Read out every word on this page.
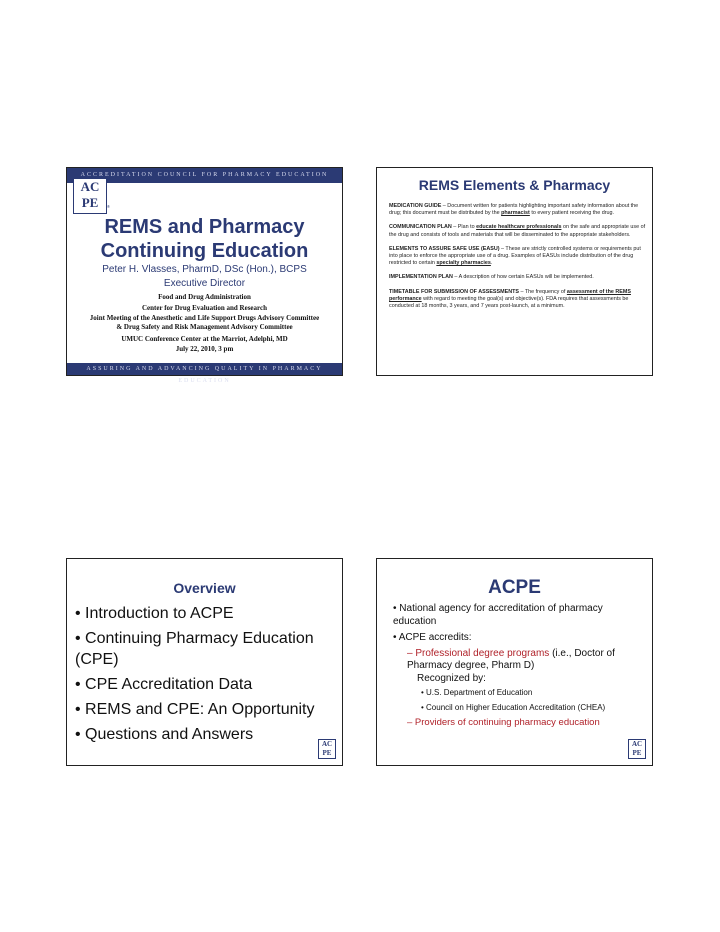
ACCREDITATION COUNCIL FOR PHARMACY EDUCATION
AC
PE	®
REMS and Pharmacy
Continuing Education
Peter H. Vlasses, PharmD, DSc (Hon.), BCPS
Executive Director
Food and Drug Administration
Center for Drug Evaluation and Research
Joint Meeting of the Anesthetic and Life Support Drugs Advisory Committee
& Drug Safety and Risk Management Advisory Committee
UMUC Conference Center at the Marriot, Adelphi, MD
July 22, 2010, 3 pm
ASSURING AND ADVANCING QUALITY IN PHARMACY EDUCATION
REMS Elements & Pharmacy

MEDICATION GUIDE – Document written for patients highlighting important safety information about the drug; this document must be distributed by the pharmacist to every patient receiving the drug.

COMMUNICATION PLAN – Plan to educate healthcare professionals on the safe and appropriate use of the drug and consists of tools and materials that will be disseminated to the appropriate stakeholders.

ELEMENTS TO ASSURE SAFE USE (EASU) – These are strictly controlled systems or requirements put into place to enforce the appropriate use of a drug. Examples of EASUs include distribution of the drug restricted to certain specialty pharmacies.

IMPLEMENTATION PLAN – A description of how certain EASUs will be implemented.

TIMETABLE FOR SUBMISSION OF ASSESSMENTS – The frequency of assessment of the REMS performance with regard to meeting the goal(s) and objective(s). FDA requires that assessments be conducted at 18 months, 3 years, and 7 years post-launch, at a minimum.

Overview
• Introduction to ACPE
• Continuing Pharmacy Education (CPE)
• CPE Accreditation Data
• REMS and CPE: An Opportunity
• Questions and Answers
AC
PE
ACPE
• National agency for accreditation of pharmacy education
• ACPE accredits:
– Professional degree programs (i.e., Doctor of Pharmacy degree, Pharm D)
Recognized by:
• U.S. Department of Education
• Council on Higher Education Accreditation (CHEA)
– Providers of continuing pharmacy education
AC
PE
